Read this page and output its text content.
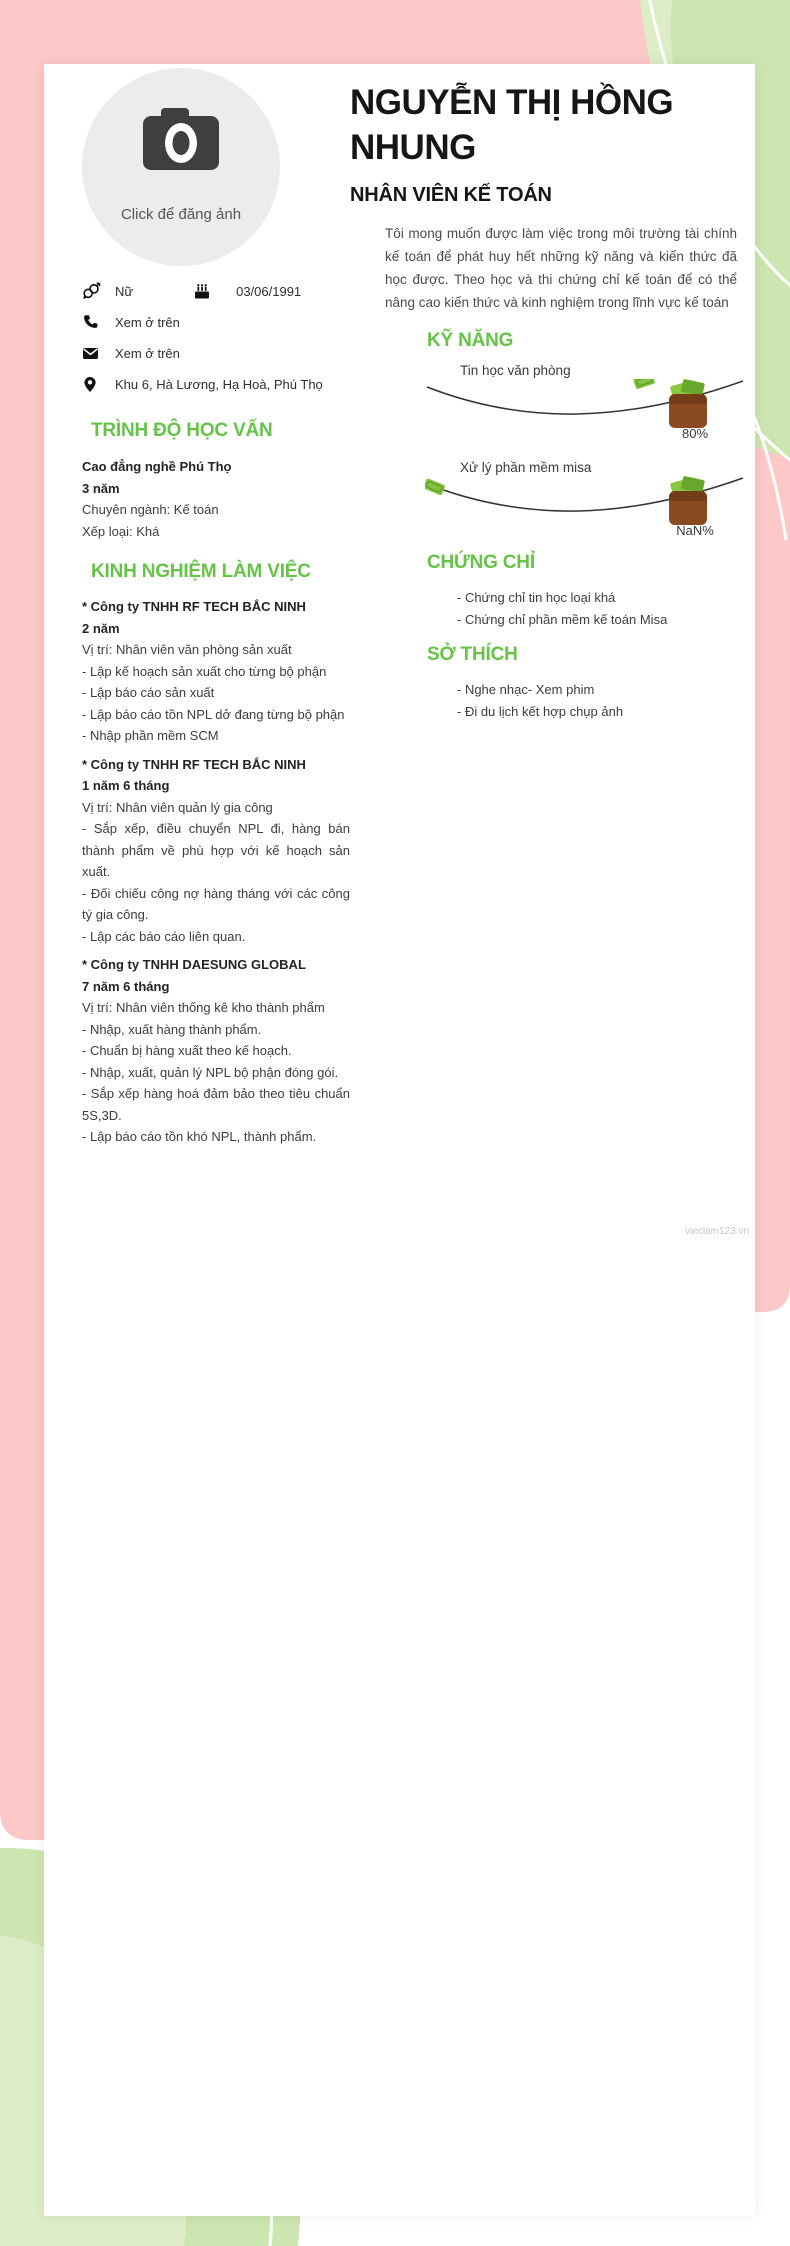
Click để đăng ảnh
Nữ	03/06/1991
Xem ở trên
Xem ở trên
Khu 6, Hà Lương, Hạ Hoà, Phú Thọ
TRÌNH ĐỘ HỌC VẤN
Cao đẳng nghề Phú Thọ
3 năm
Chuyên ngành: Kế toán
Xếp loại: Khá
KINH NGHIỆM LÀM VIỆC
* Công ty TNHH RF TECH BẮC NINH
2 năm
Vị trí: Nhân viên văn phòng sản xuất
- Lập kế hoạch sản xuất cho từng bộ phận
- Lập báo cáo sản xuất
- Lập báo cáo tồn NPL dở đang từng bộ phận
- Nhập phần mềm SCM
* Công ty TNHH RF TECH BẮC NINH
1 năm 6 tháng
Vị trí: Nhân viên quản lý gia công
- Sắp xếp, điều chuyển NPL đi, hàng bán thành phẩm về phù hợp với kế hoạch sản xuất.
- Đối chiếu công nợ hàng tháng với các công tý gia công.
- Lập các báo cáo liên quan.
* Công ty TNHH DAESUNG GLOBAL
7 năm 6 tháng
Vị trí: Nhân viên thống kê kho thành phẩm
- Nhập, xuất hàng thành phẩm.
- Chuẩn bị hàng xuất theo kế hoạch.
- Nhập, xuất, quản lý NPL bộ phận đóng gói.
- Sắp xếp hàng hoá đảm bảo theo tiêu chuẩn 5S,3D.
- Lập báo cáo tồn khó NPL, thành phẩm.
NGUYỄN THỊ HỒNG NHUNG
NHÂN VIÊN KẾ TOÁN
Tôi mong muốn được làm việc trong môi trường tài chính kế toán để phát huy hết những kỹ năng và kiến thức đã học được. Theo học và thi chứng chỉ kế toán để có thể nâng cao kiến thức và kinh nghiệm trong lĩnh vực kế toán
KỸ NĂNG
Tin học văn phòng
80%
Xử lý phần mềm misa
NaN%
CHỨNG CHỈ
- Chứng chỉ tin học loại khá
- Chứng chỉ phần mềm kế toán Misa
SỞ THÍCH
- Nghe nhạc- Xem phim
- Đi du lịch kết hợp chụp ảnh
vieclam123.vn
